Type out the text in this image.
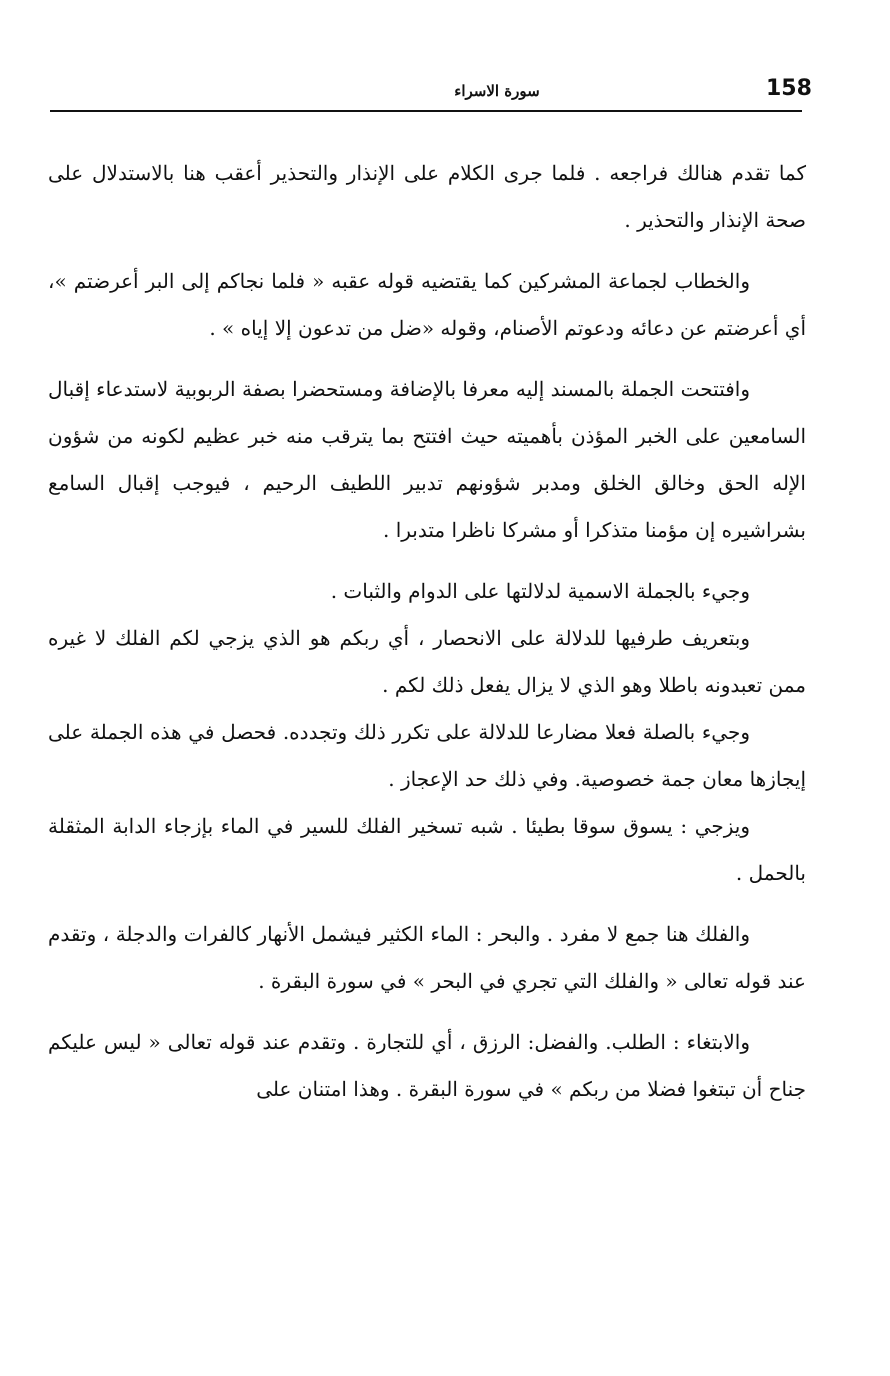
158
سورة الاسراء

كما تقدم هنالك فراجعه . فلما جرى الكلام على الإنذار والتحذير أعقب هنا بالاستدلال على صحة الإنذار والتحذير .

والخطاب لجماعة المشركين كما يقتضيه قوله عقبه « فلما نجاكم إلى البر أعرضتم »، أي أعرضتم عن دعائه ودعوتم الأصنام، وقوله «ضل من تدعون إلا إياه » .

وافتتحت الجملة بالمسند إليه معرفا بالإضافة ومستحضرا بصفة الربوبية لاستدعاء إقبال السامعين على الخبر المؤذن بأهميته حيث افتتح بما يترقب منه خبر عظيم لكونه من شؤون الإله الحق وخالق الخلق ومدبر شؤونهم تدبير اللطيف الرحيم ، فيوجب إقبال السامع بشراشيره إن مؤمنا متذكرا أو مشركا ناظرا متدبرا .

وجيء بالجملة الاسمية لدلالتها على الدوام والثبات .

وبتعريف طرفيها للدلالة على الانحصار ، أي ربكم هو الذي يزجي لكم الفلك لا غيره ممن تعبدونه باطلا وهو الذي لا يزال يفعل ذلك لكم .

وجيء بالصلة فعلا مضارعا للدلالة على تكرر ذلك وتجدده. فحصل في هذه الجملة على إيجازها معان جمة خصوصية. وفي ذلك حد الإعجاز .

ويزجي : يسوق سوقا بطيئا . شبه تسخير الفلك للسير في الماء بإزجاء الدابة المثقلة بالحمل .

والفلك هنا جمع لا مفرد . والبحر : الماء الكثير فيشمل الأنهار كالفرات والدجلة ، وتقدم عند قوله تعالى « والفلك التي تجري في البحر » في سورة البقرة .

والابتغاء : الطلب. والفضل: الرزق ، أي للتجارة . وتقدم عند قوله تعالى « ليس عليكم جناح أن تبتغوا فضلا من ربكم » في سورة البقرة . وهذا امتنان على
